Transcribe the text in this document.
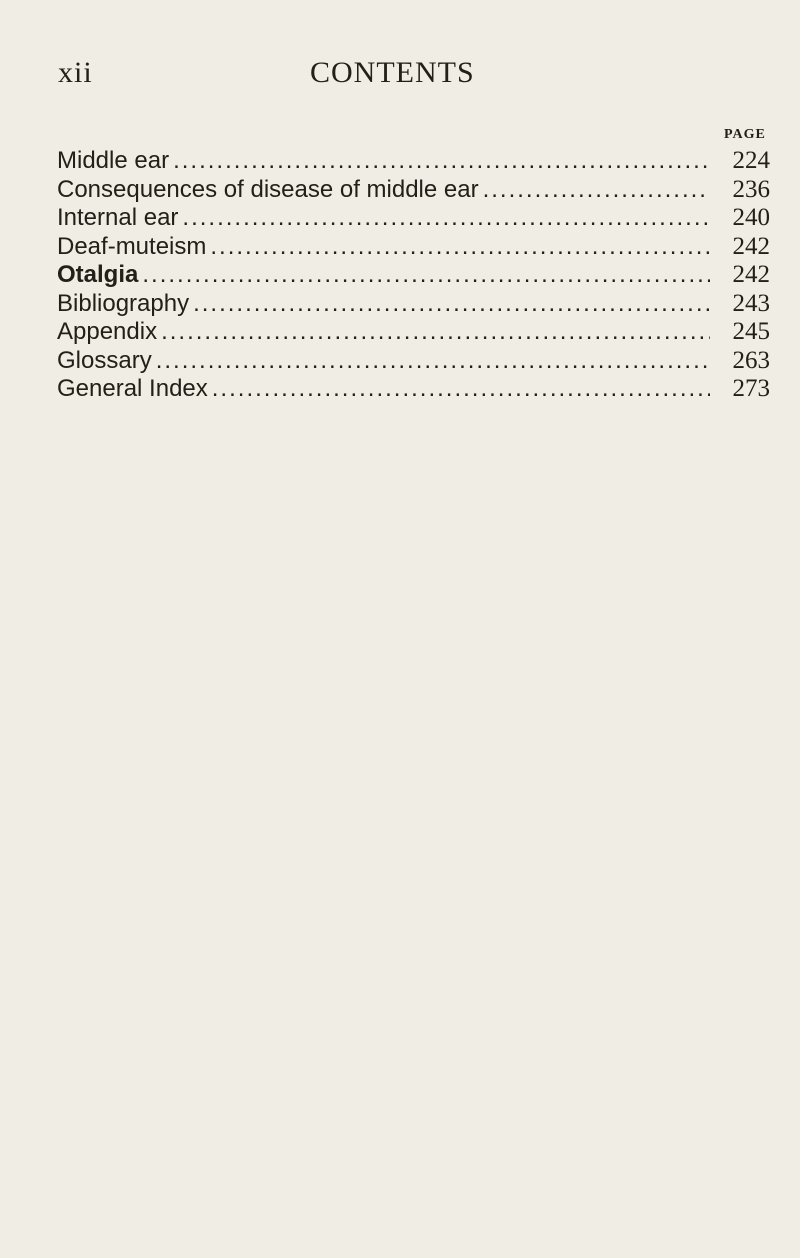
xii	CONTENTS
PAGE
Middle ear .....	224
Consequences of disease of middle ear .....	236
Internal ear .....	240
Deaf-muteism .....	242
Otalgia .....	242
Bibliography .....	243
Appendix .....	245
Glossary .....	263
General Index .....	273
